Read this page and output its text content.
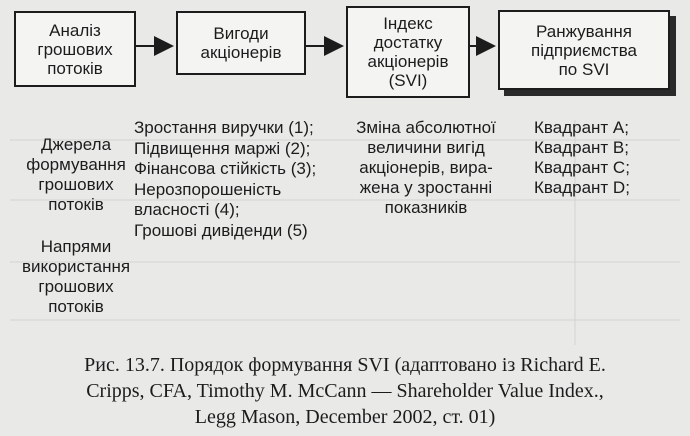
Аналіз
грошових
потоків
Вигоди
акціонерів
Індекс
достатку
акціонерів
(SVI)
Ранжування
підприємства
по SVI
Джерела
формування
грошових
потоків
Напрями
використання
грошових
потоків
Зростання виручки (1);
Підвищення маржі (2);
Фінансова стійкість (3);
Нерозпорошеність
власності (4);
Грошові дивіденди (5)
Зміна абсолютної
величини вигід
акціонерів, вира-
жена у зростанні
показників
Квадрант A;
Квадрант B;
Квадрант C;
Квадрант D;
Рис. 13.7. Порядок формування SVI (адаптовано із Richard E.
Cripps, CFA, Timothy M. McCann — Shareholder Value Index.,
Legg Mason, December 2002, ст. 01)
